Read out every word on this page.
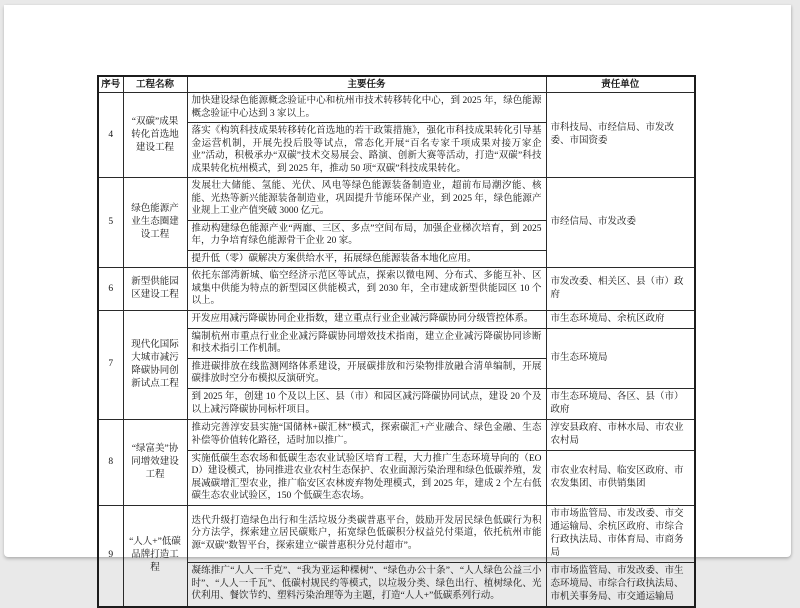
序号	工程名称	主要任务	责任单位
4	“双碳”成果转化首选地建设工程	加快建设绿色能源概念验证中心和杭州市技术转移转化中心，到 2025 年，绿色能源概念验证中心达到 3 家以上。	市科技局、市经信局、市发改委、市国资委
		落实《构筑科技成果转移转化首选地的若干政策措施》，强化市科技成果转化引导基金运营机制，开展先投后股等试点，常态化开展“百名专家千项成果对接万家企业”活动，积极承办“双碳”技术交易展会、路演、创新大赛等活动，打造“双碳”科技成果转化杭州模式，到 2025 年，推动 50 项“双碳”科技成果转化。	
5	绿色能源产业生态圈建设工程	发展壮大储能、氢能、光伏、风电等绿色能源装备制造业，超前布局潮汐能、核能、光热等新兴能源装备制造业，巩固提升节能环保产业，到 2025 年，绿色能源产业规上工业产值突破 3000 亿元。	市经信局、市发改委
		推动构建绿色能源产业“两廊、三区、多点”空间布局，加强企业梯次培育，到 2025 年，力争培育绿色能源骨干企业 20 家。	
		提升低（零）碳解决方案供给水平，拓展绿色能源装备本地化应用。	
6	新型供能园区建设工程	依托东部湾新城、临空经济示范区等试点，探索以微电网、分布式、多能互补、区域集中供能为特点的新型园区供能模式，到 2030 年，全市建成新型供能园区 10 个以上。	市发改委、相关区、县（市）政府
7	现代化国际大城市减污降碳协同创新试点工程	开发应用减污降碳协同企业指数，建立重点行业企业减污降碳协同分级管控体系。	市生态环境局、余杭区政府
		编制杭州市重点行业企业减污降碳协同增效技术指南，建立企业减污降碳协同诊断和技术指引工作机制。	市生态环境局
		推进碳排放在线监测网络体系建设，开展碳排放和污染物排放融合清单编制，开展碳排放时空分布模拟反演研究。	
		到 2025 年，创建 10 个及以上区、县（市）和园区减污降碳协同试点，建设 20 个及以上减污降碳协同标杆项目。	市生态环境局、各区、县（市）政府
8	“绿富美”协同增效建设工程	推动完善淳安县实施“国储林+碳汇林”模式，探索碳汇+产业融合、绿色金融、生态补偿等价值转化路径，适时加以推广。	淳安县政府、市林水局、市农业农村局
		实施低碳生态农场和低碳生态农业试验区培育工程，大力推广生态环境导向的（EOD）建设模式，协同推进农业农村生态保护、农业面源污染治理和绿色低碳养殖，发展减碳增汇型农业，推广临安区农林废弃物处理模式，到 2025 年，建成 2 个左右低碳生态农业试验区，150 个低碳生态农场。	市农业农村局、临安区政府、市农发集团、市供销集团
9	“人人+”低碳品牌打造工程	迭代升级打造绿色出行和生活垃圾分类碳普惠平台，鼓励开发居民绿色低碳行为积分方法学，探索建立居民碳账户，拓宽绿色低碳积分权益兑付渠道，依托杭州市能源“双碳”数智平台，探索建立“碳普惠积分兑付超市”。	市市场监管局、市发改委、市交通运输局、余杭区政府、市综合行政执法局、市体育局、市商务局
		凝练推广“人人一千克”、“我为亚运种棵树”、“绿色办公十条”、“人人绿色公益三小时”、“人人一千瓦”、低碳村规民约等模式，以垃圾分类、绿色出行、植树绿化、光伏利用、餐饮节约、塑料污染治理等为主题，打造“人人+”低碳系列行动。	市市场监管局、市发改委、市生态环境局、市综合行政执法局、市机关事务局、市交通运输局
